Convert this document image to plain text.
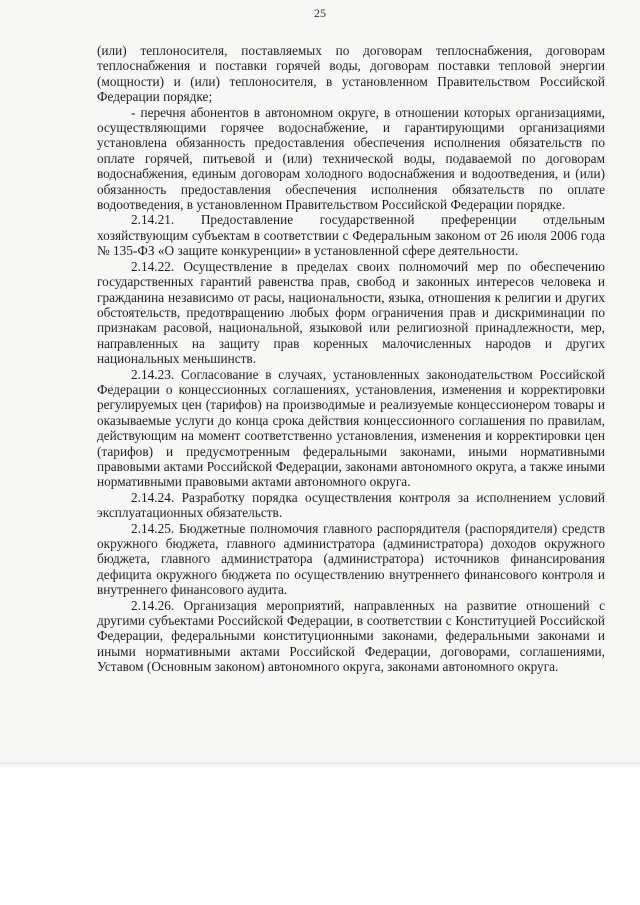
25

(или) теплоносителя, поставляемых по договорам теплоснабжения, договорам теплоснабжения и поставки горячей воды, договорам поставки тепловой энергии (мощности) и (или) теплоносителя, в установленном Правительством Российской Федерации порядке;

- перечня абонентов в автономном округе, в отношении которых организациями, осуществляющими горячее водоснабжение, и гарантирующими организациями установлена обязанность предоставления обеспечения исполнения обязательств по оплате горячей, питьевой и (или) технической воды, подаваемой по договорам водоснабжения, единым договорам холодного водоснабжения и водоотведения, и (или) обязанность предоставления обеспечения исполнения обязательств по оплате водоотведения, в установленном Правительством Российской Федерации порядке.

2.14.21. Предоставление государственной преференции отдельным хозяйствующим субъектам в соответствии с Федеральным законом от 26 июля 2006 года № 135-ФЗ «О защите конкуренции» в установленной сфере деятельности.

2.14.22. Осуществление в пределах своих полномочий мер по обеспечению государственных гарантий равенства прав, свобод и законных интересов человека и гражданина независимо от расы, национальности, языка, отношения к религии и других обстоятельств, предотвращению любых форм ограничения прав и дискриминации по признакам расовой, национальной, языковой или религиозной принадлежности, мер, направленных на защиту прав коренных малочисленных народов и других национальных меньшинств.

2.14.23. Согласование в случаях, установленных законодательством Российской Федерации о концессионных соглашениях, установления, изменения и корректировки регулируемых цен (тарифов) на производимые и реализуемые концессионером товары и оказываемые услуги до конца срока действия концессионного соглашения по правилам, действующим на момент соответственно установления, изменения и корректировки цен (тарифов) и предусмотренным федеральными законами, иными нормативными правовыми актами Российской Федерации, законами автономного округа, а также иными нормативными правовыми актами автономного округа.

2.14.24. Разработку порядка осуществления контроля за исполнением условий эксплуатационных обязательств.

2.14.25. Бюджетные полномочия главного распорядителя (распорядителя) средств окружного бюджета, главного администратора (администратора) доходов окружного бюджета, главного администратора (администратора) источников финансирования дефицита окружного бюджета по осуществлению внутреннего финансового контроля и внутреннего финансового аудита.

2.14.26. Организация мероприятий, направленных на развитие отношений с другими субъектами Российской Федерации, в соответствии с Конституцией Российской Федерации, федеральными конституционными законами, федеральными законами и иными нормативными актами Российской Федерации, договорами, соглашениями, Уставом (Основным законом) автономного округа, законами автономного округа.
